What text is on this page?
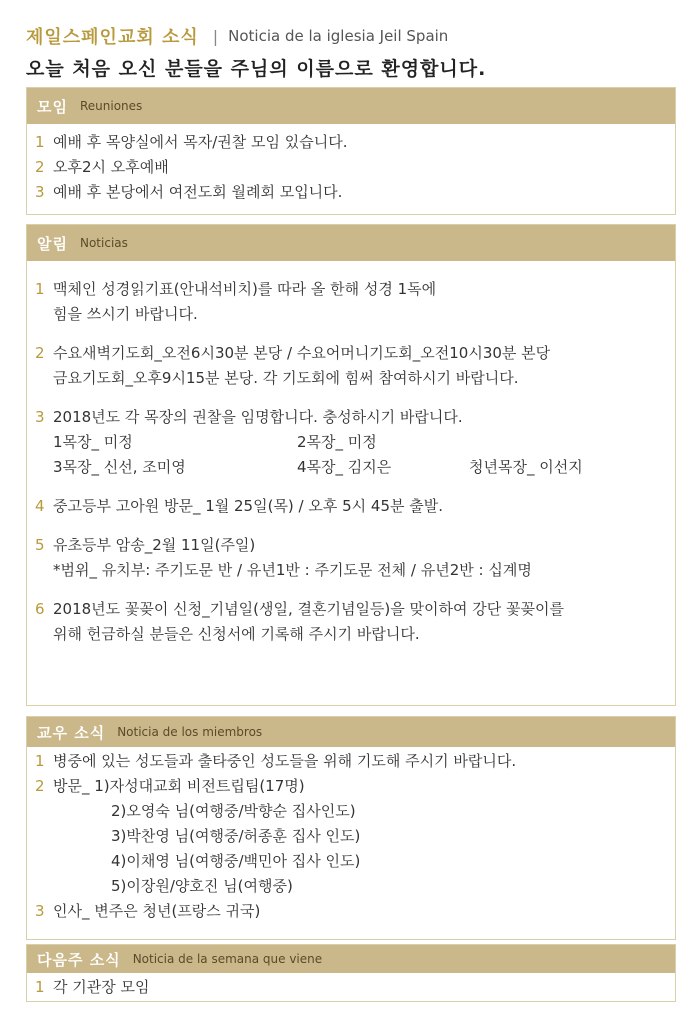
제일스페인교회 소식 | Noticia de la iglesia Jeil Spain
오늘 처음 오신 분들을 주님의 이름으로 환영합니다.
모임 Reuniones
1 예배 후 목양실에서 목자/권찰 모임 있습니다.
2 오후2시 오후예배
3 예배 후 본당에서 여전도회 월례회 모입니다.
알림 Noticias
1 맥체인 성경읽기표(안내석비치)를 따라 올 한해 성경 1독에
힘을 쓰시기 바랍니다.
2 수요새벽기도회_오전6시30분 본당 / 수요어머니기도회_오전10시30분 본당
금요기도회_오후9시15분 본당. 각 기도회에 힘써 참여하시기 바랍니다.
3 2018년도 각 목장의 권찰을 임명합니다. 충성하시기 바랍니다.
1목장_ 미정	2목장_ 미정
3목장_ 신선, 조미영	4목장_ 김지은	청년목장_ 이선지
4 중고등부 고아원 방문_ 1월 25일(목) / 오후 5시 45분 출발.
5 유초등부 암송_2월 11일(주일)
*범위_ 유치부: 주기도문 반 / 유년1반 : 주기도문 전체 / 유년2반 : 십계명
6 2018년도 꽃꽂이 신청_기념일(생일, 결혼기념일등)을 맞이하여 강단 꽃꽂이를
위해 헌금하실 분들은 신청서에 기록해 주시기 바랍니다.
교우 소식 Noticia de los miembros
1 병중에 있는 성도들과 출타중인 성도들을 위해 기도해 주시기 바랍니다.
2 방문_ 1)자성대교회 비전트립팀(17명)
2)오영숙 님(여행중/박향순 집사인도)
3)박찬영 님(여행중/허종훈 집사 인도)
4)이채영 님(여행중/백민아 집사 인도)
5)이장원/양호진 님(여행중)
3 인사_ 변주은 청년(프랑스 귀국)
다음주 소식 Noticia de la semana que viene
1 각 기관장 모임
